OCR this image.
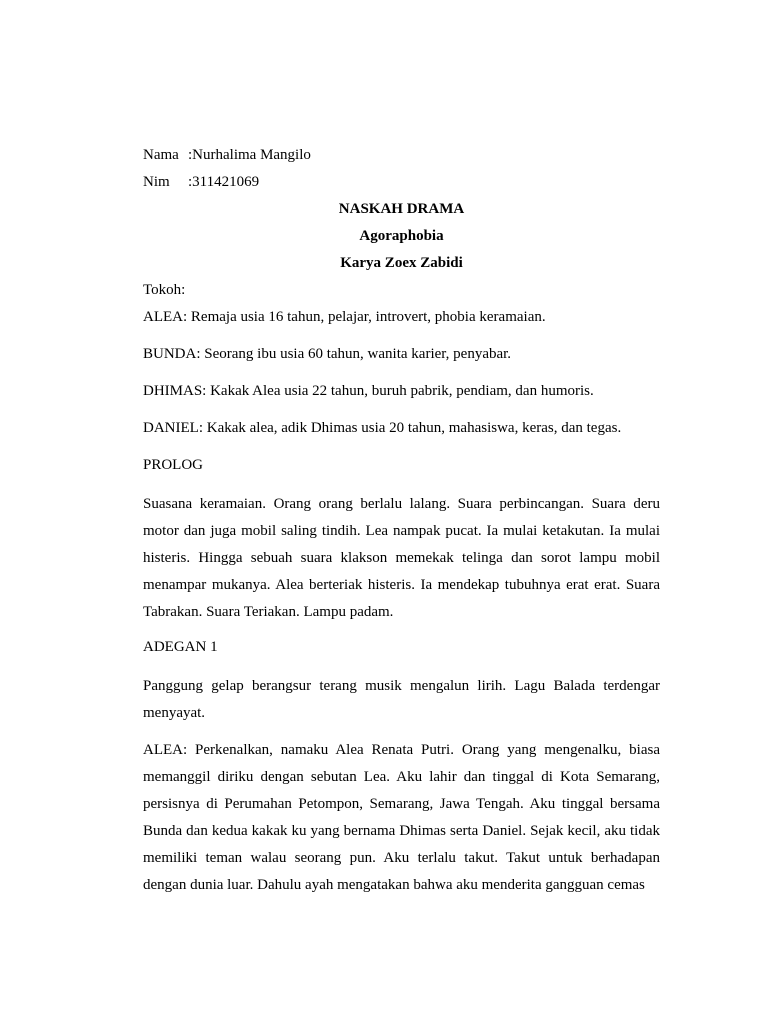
Nama :Nurhalima Mangilo
Nim	:311421069
NASKAH DRAMA
Agoraphobia
Karya Zoex Zabidi
Tokoh:
ALEA: Remaja usia 16 tahun, pelajar, introvert, phobia keramaian.
BUNDA: Seorang ibu usia 60 tahun, wanita karier, penyabar.
DHIMAS: Kakak Alea usia 22 tahun, buruh pabrik, pendiam, dan humoris.
DANIEL: Kakak alea, adik Dhimas usia 20 tahun, mahasiswa, keras, dan tegas.
PROLOG

Suasana keramaian. Orang orang berlalu lalang. Suara perbincangan. Suara deru motor dan juga mobil saling tindih. Lea nampak pucat. Ia mulai ketakutan. Ia mulai histeris. Hingga sebuah suara klakson memekak telinga dan sorot lampu mobil menampar mukanya. Alea berteriak histeris. Ia mendekap tubuhnya erat erat. Suara Tabrakan. Suara Teriakan. Lampu padam.

ADEGAN 1

Panggung gelap berangsur terang musik mengalun lirih. Lagu Balada terdengar menyayat.

ALEA: Perkenalkan, namaku Alea Renata Putri. Orang yang mengenalku, biasa memanggil diriku dengan sebutan Lea. Aku lahir dan tinggal di Kota Semarang, persisnya di Perumahan Petompon, Semarang, Jawa Tengah. Aku tinggal bersama Bunda dan kedua kakak ku yang bernama Dhimas serta Daniel. Sejak kecil, aku tidak memiliki teman walau seorang pun. Aku terlalu takut. Takut untuk berhadapan dengan dunia luar. Dahulu ayah mengatakan bahwa aku menderita gangguan cemas
